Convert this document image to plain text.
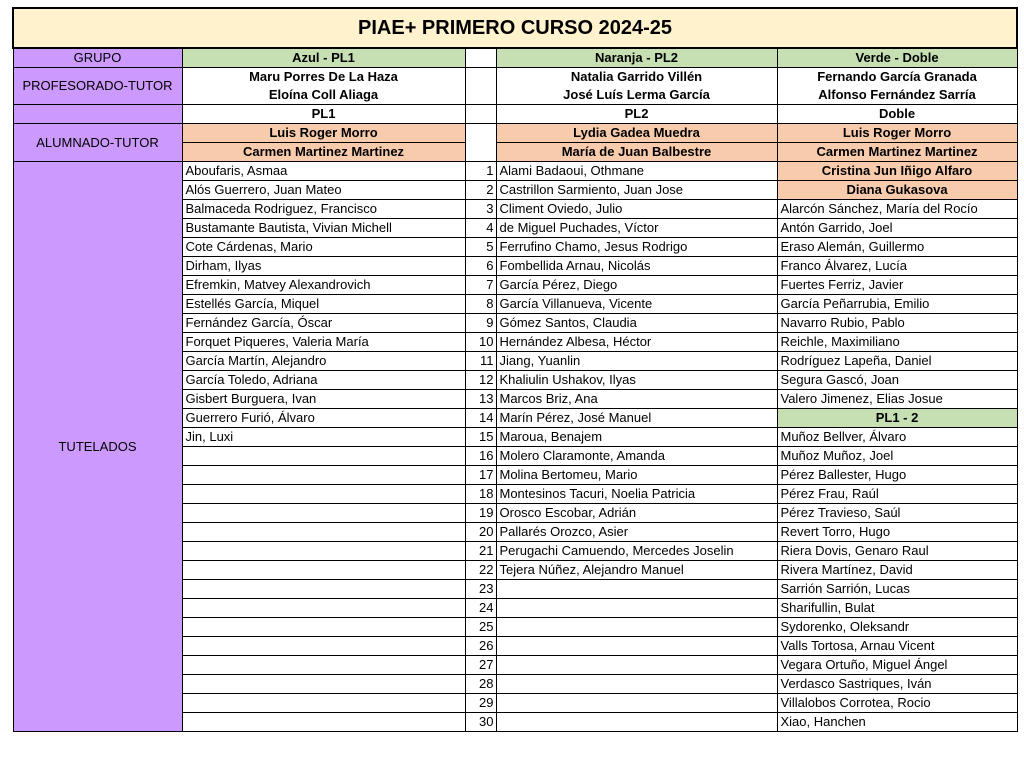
PIAE+ PRIMERO CURSO 2024-25				
GRUPO	Azul - PL1		Naranja - PL2	Verde - Doble
PROFESORADO-TUTOR	Maru Porres De La Haza		Natalia Garrido Villén	Fernando García Granada
	Eloína Coll Aliaga		José Luís Lerma García	Alfonso Fernández Sarría
	PL1		PL2	Doble
ALUMNADO-TUTOR	Luis Roger Morro		Lydia Gadea Muedra	Luis Roger Morro
	Carmen Martinez Martinez		María de Juan Balbestre	Carmen Martinez Martinez
TUTELADOS	Aboufaris, Asmaa	1	Alami Badaoui, Othmane	Cristina Jun Iñigo Alfaro
	Alós Guerrero, Juan Mateo	2	Castrillon Sarmiento, Juan Jose	Diana Gukasova
	Balmaceda Rodriguez, Francisco	3	Climent Oviedo, Julio	Alarcón Sánchez, María del Rocío
	Bustamante Bautista, Vivian Michell	4	de Miguel Puchades, Víctor	Antón Garrido, Joel
	Cote Cárdenas, Mario	5	Ferrufino Chamo, Jesus Rodrigo	Eraso Alemán, Guillermo
	Dirham, Ilyas	6	Fombellida Arnau, Nicolás	Franco Álvarez, Lucía
	Efremkin, Matvey Alexandrovich	7	García Pérez, Diego	Fuertes Ferriz, Javier
	Estellés García, Miquel	8	García Villanueva, Vicente	García Peñarrubia, Emilio
	Fernández García, Óscar	9	Gómez Santos, Claudia	Navarro Rubio, Pablo
	Forquet Piqueres, Valeria María	10	Hernández Albesa, Héctor	Reichle, Maximiliano
	García Martín, Alejandro	11	Jiang, Yuanlin	Rodríguez Lapeña, Daniel
	García Toledo, Adriana	12	Khaliulin Ushakov, Ilyas	Segura Gascó, Joan
	Gisbert Burguera, Ivan	13	Marcos Briz, Ana	Valero Jimenez, Elias Josue
	Guerrero Furió, Álvaro	14	Marín Pérez, José Manuel	PL1 - 2
	Jin, Luxi	15	Maroua, Benajem	Muñoz Bellver, Álvaro
		16	Molero Claramonte, Amanda	Muñoz Muñoz, Joel
		17	Molina Bertomeu, Mario	Pérez Ballester, Hugo
		18	Montesinos Tacuri, Noelia Patricia	Pérez Frau, Raúl
		19	Orosco Escobar, Adrián	Pérez Travieso, Saúl
		20	Pallarés Orozco, Asier	Revert Torro, Hugo
		21	Perugachi Camuendo, Mercedes Joselin	Riera Dovis, Genaro Raul
		22	Tejera Núñez, Alejandro Manuel	Rivera Martínez, David
		23		Sarrión Sarrión, Lucas
		24		Sharifullin, Bulat
		25		Sydorenko, Oleksandr
		26		Valls Tortosa, Arnau Vicent
		27		Vegara Ortuño, Miguel Ángel
		28		Verdasco Sastriques, Iván
		29		Villalobos Corrotea, Rocio
		30		Xiao, Hanchen
